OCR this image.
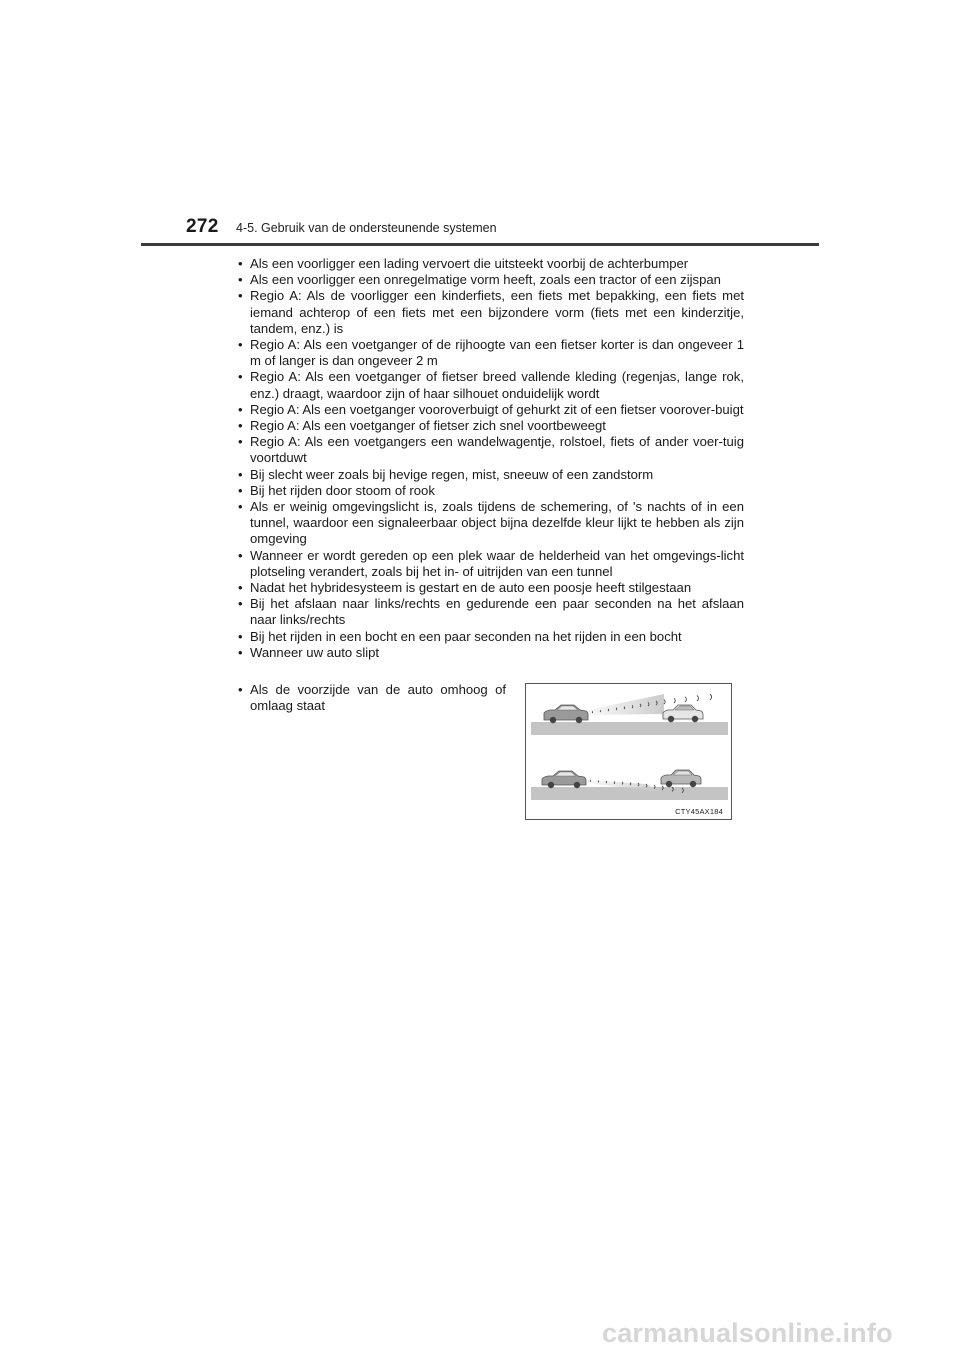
272 4-5. Gebruik van de ondersteunende systemen
• Als een voorligger een lading vervoert die uitsteekt voorbij de achterbumper
• Als een voorligger een onregelmatige vorm heeft, zoals een tractor of een zijspan
• Regio A: Als de voorligger een kinderfiets, een fiets met bepakking, een fiets met iemand achterop of een fiets met een bijzondere vorm (fiets met een kinderzitje, tandem, enz.) is
• Regio A: Als een voetganger of de rijhoogte van een fietser korter is dan ongeveer 1 m of langer is dan ongeveer 2 m
• Regio A: Als een voetganger of fietser breed vallende kleding (regenjas, lange rok, enz.) draagt, waardoor zijn of haar silhouet onduidelijk wordt
• Regio A: Als een voetganger vooroverbuigt of gehurkt zit of een fietser voorover-buigt
• Regio A: Als een voetganger of fietser zich snel voortbeweegt
• Regio A: Als een voetgangers een wandelwagentje, rolstoel, fiets of ander voer-tuig voortduwt
• Bij slecht weer zoals bij hevige regen, mist, sneeuw of een zandstorm
• Bij het rijden door stoom of rook
• Als er weinig omgevingslicht is, zoals tijdens de schemering, of 's nachts of in een tunnel, waardoor een signaleerbaar object bijna dezelfde kleur lijkt te hebben als zijn omgeving
• Wanneer er wordt gereden op een plek waar de helderheid van het omgevings-licht plotseling verandert, zoals bij het in- of uitrijden van een tunnel
• Nadat het hybridesysteem is gestart en de auto een poosje heeft stilgestaan
• Bij het afslaan naar links/rechts en gedurende een paar seconden na het afslaan naar links/rechts
• Bij het rijden in een bocht en een paar seconden na het rijden in een bocht
• Wanneer uw auto slipt
• Als de voorzijde van de auto omhoog of omlaag staat
CTY45AX184
carmanualsonline.info
